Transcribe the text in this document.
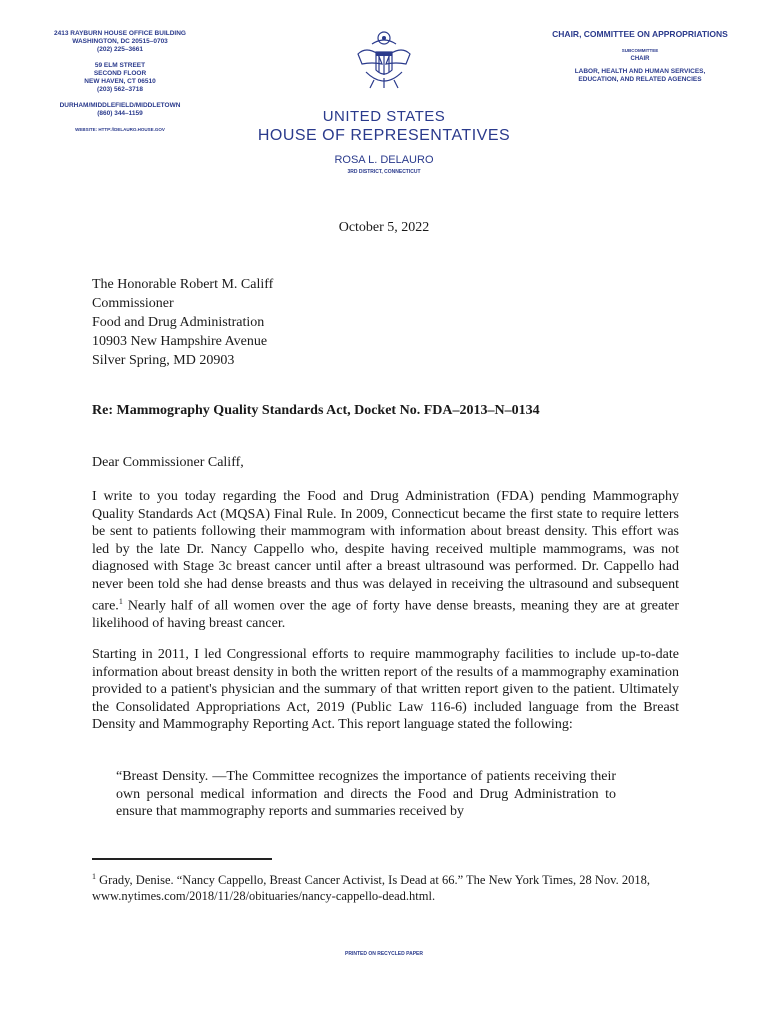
2413 RAYBURN HOUSE OFFICE BUILDING
WASHINGTON, DC 20515–0703
(202) 225–3661
59 ELM STREET
SECOND FLOOR
NEW HAVEN, CT 06510
(203) 562–3718
DURHAM/MIDDLEFIELD/MIDDLETOWN
(860) 344–1159
WEBSITE: HTTP://DELAURO.HOUSE.GOV
UNITED STATES
HOUSE OF REPRESENTATIVES
ROSA L. DELAURO
3RD DISTRICT, CONNECTICUT
CHAIR, COMMITTEE ON APPROPRIATIONS
SUBCOMMITTEE
CHAIR
LABOR, HEALTH AND HUMAN SERVICES,
EDUCATION, AND RELATED AGENCIES
October 5, 2022
The Honorable Robert M. Califf
Commissioner
Food and Drug Administration
10903 New Hampshire Avenue
Silver Spring, MD 20903
Re: Mammography Quality Standards Act, Docket No. FDA–2013–N–0134
Dear Commissioner Califf,

I write to you today regarding the Food and Drug Administration (FDA) pending Mammography Quality Standards Act (MQSA) Final Rule. In 2009, Connecticut became the first state to require letters be sent to patients following their mammogram with information about breast density. This effort was led by the late Dr. Nancy Cappello who, despite having received multiple mammograms, was not diagnosed with Stage 3c breast cancer until after a breast ultrasound was performed. Dr. Cappello had never been told she had dense breasts and thus was delayed in receiving the ultrasound and subsequent care.$^1$ Nearly half of all women over the age of forty have dense breasts, meaning they are at greater likelihood of having breast cancer.

Starting in 2011, I led Congressional efforts to require mammography facilities to include up-to-date information about breast density in both the written report of the results of a mammography examination provided to a patient's physician and the summary of that written report given to the patient. Ultimately the Consolidated Appropriations Act, 2019 (Public Law 116-6) included language from the Breast Density and Mammography Reporting Act. This report language stated the following:

“Breast Density. —The Committee recognizes the importance of patients receiving their own personal medical information and directs the Food and Drug Administration to ensure that mammography reports and summaries received by

$^1$ Grady, Denise. “Nancy Cappello, Breast Cancer Activist, Is Dead at 66.” The New York Times, 28 Nov. 2018, www.nytimes.com/2018/11/28/obituaries/nancy-cappello-dead.html.

PRINTED ON RECYCLED PAPER
